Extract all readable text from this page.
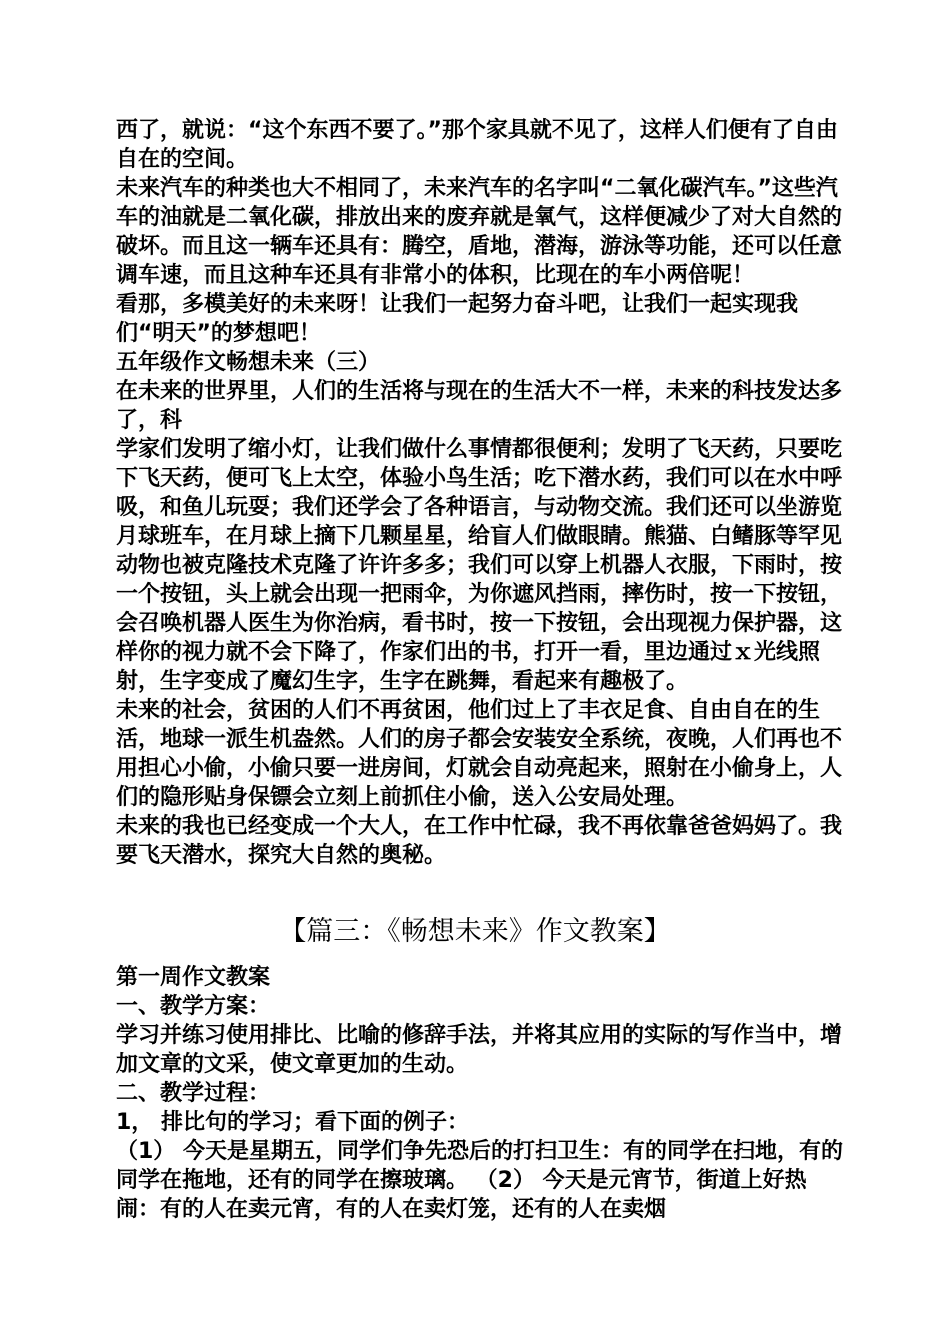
西了，就说：“这个东西不要了。”那个家具就不见了，这样人们便有了自由自在的空间。

未来汽车的种类也大不相同了，未来汽车的名字叫“二氧化碳汽车。”这些汽车的油就是二氧化碳，排放出来的废弃就是氧气，这样便减少了对大自然的破坏。而且这一辆车还具有：腾空，盾地，潜海，游泳等功能，还可以任意调车速，而且这种车还具有非常小的体积，比现在的车小两倍呢！

看那，多模美好的未来呀！让我们一起努力奋斗吧，让我们一起实现我们“明天”的梦想吧！

五年级作文畅想未来（三）

在未来的世界里，人们的生活将与现在的生活大不一样，未来的科技发达多了，科

学家们发明了缩小灯，让我们做什么事情都很便利；发明了飞天药，只要吃下飞天药，便可飞上太空，体验小鸟生活；吃下潜水药，我们可以在水中呼吸，和鱼儿玩耍；我们还学会了各种语言，与动物交流。我们还可以坐游览月球班车，在月球上摘下几颗星星，给盲人们做眼睛。熊猫、白鳍豚等罕见动物也被克隆技术克隆了许许多多；我们可以穿上机器人衣服，下雨时，按一个按钮，头上就会出现一把雨伞，为你遮风挡雨，摔伤时，按一下按钮，会召唤机器人医生为你治病，看书时，按一下按钮，会出现视力保护器，这样你的视力就不会下降了，作家们出的书，打开一看，里边通过ｘ光线照射，生字变成了魔幻生字，生字在跳舞，看起来有趣极了。

未来的社会，贫困的人们不再贫困，他们过上了丰衣足食、自由自在的生活，地球一派生机盎然。人们的房子都会安装安全系统，夜晚，人们再也不用担心小偷，小偷只要一进房间，灯就会自动亮起来，照射在小偷身上，人们的隐形贴身保镖会立刻上前抓住小偷，送入公安局处理。

未来的我也已经变成一个大人，在工作中忙碌，我不再依靠爸爸妈妈了。我要飞天潜水，探究大自然的奥秘。

【篇三：《畅想未来》作文教案】

第一周作文教案

一、教学方案：

学习并练习使用排比、比喻的修辞手法，并将其应用的实际的写作当中，增加文章的文采，使文章更加的生动。

二、教学过程：

1， 排比句的学习；看下面的例子：

（1） 今天是星期五，同学们争先恐后的打扫卫生：有的同学在扫地，有的同学在拖地，还有的同学在擦玻璃。 （2） 今天是元宵节，街道上好热闹：有的人在卖元宵，有的人在卖灯笼，还有的人在卖烟
